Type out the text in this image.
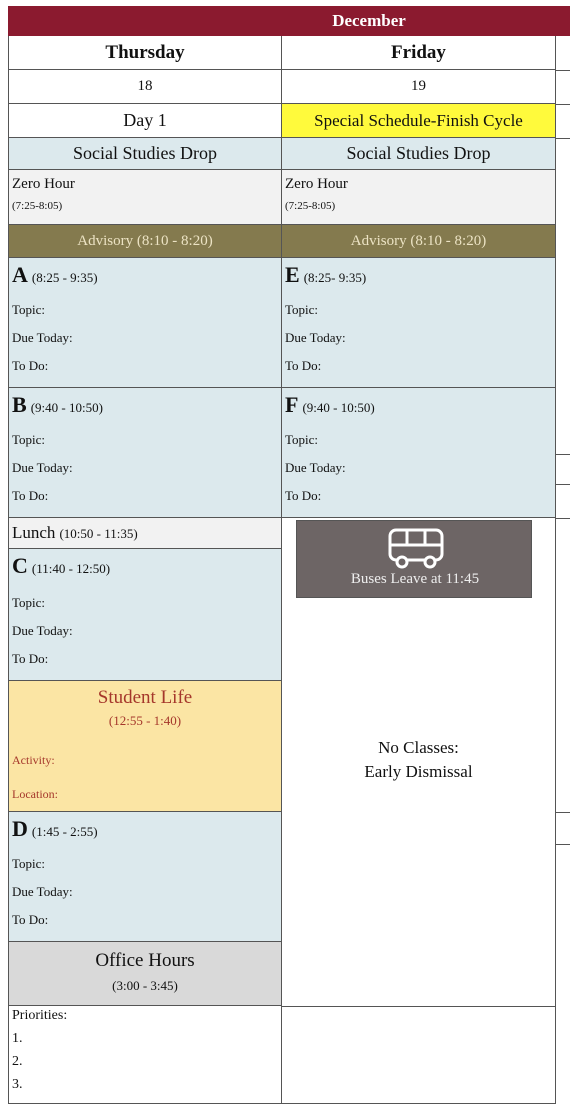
December
Thursday
18
Day 1
Social Studies Drop
Zero Hour
(7:25-8:05)
Advisory (8:10 - 8:20)
A (8:25 - 9:35)
Topic:
Due Today:
To Do:
B (9:40 - 10:50)
Topic:
Due Today:
To Do:
Lunch (10:50 - 11:35)
C (11:40 - 12:50)
Topic:
Due Today:
To Do:
Student Life
(12:55 - 1:40)
Activity:
Location:
D (1:45 - 2:55)
Topic:
Due Today:
To Do:
Office Hours
(3:00 - 3:45)
Priorities:
1.
2.
3.
Friday
19
Special Schedule-Finish Cycle
Social Studies Drop
Zero Hour
(7:25-8:05)
Advisory (8:10 - 8:20)
E (8:25- 9:35)
Topic:
Due Today:
To Do:
F (9:40 - 10:50)
Topic:
Due Today:
To Do:
Buses Leave at 11:45
No Classes:
Early Dismissal
